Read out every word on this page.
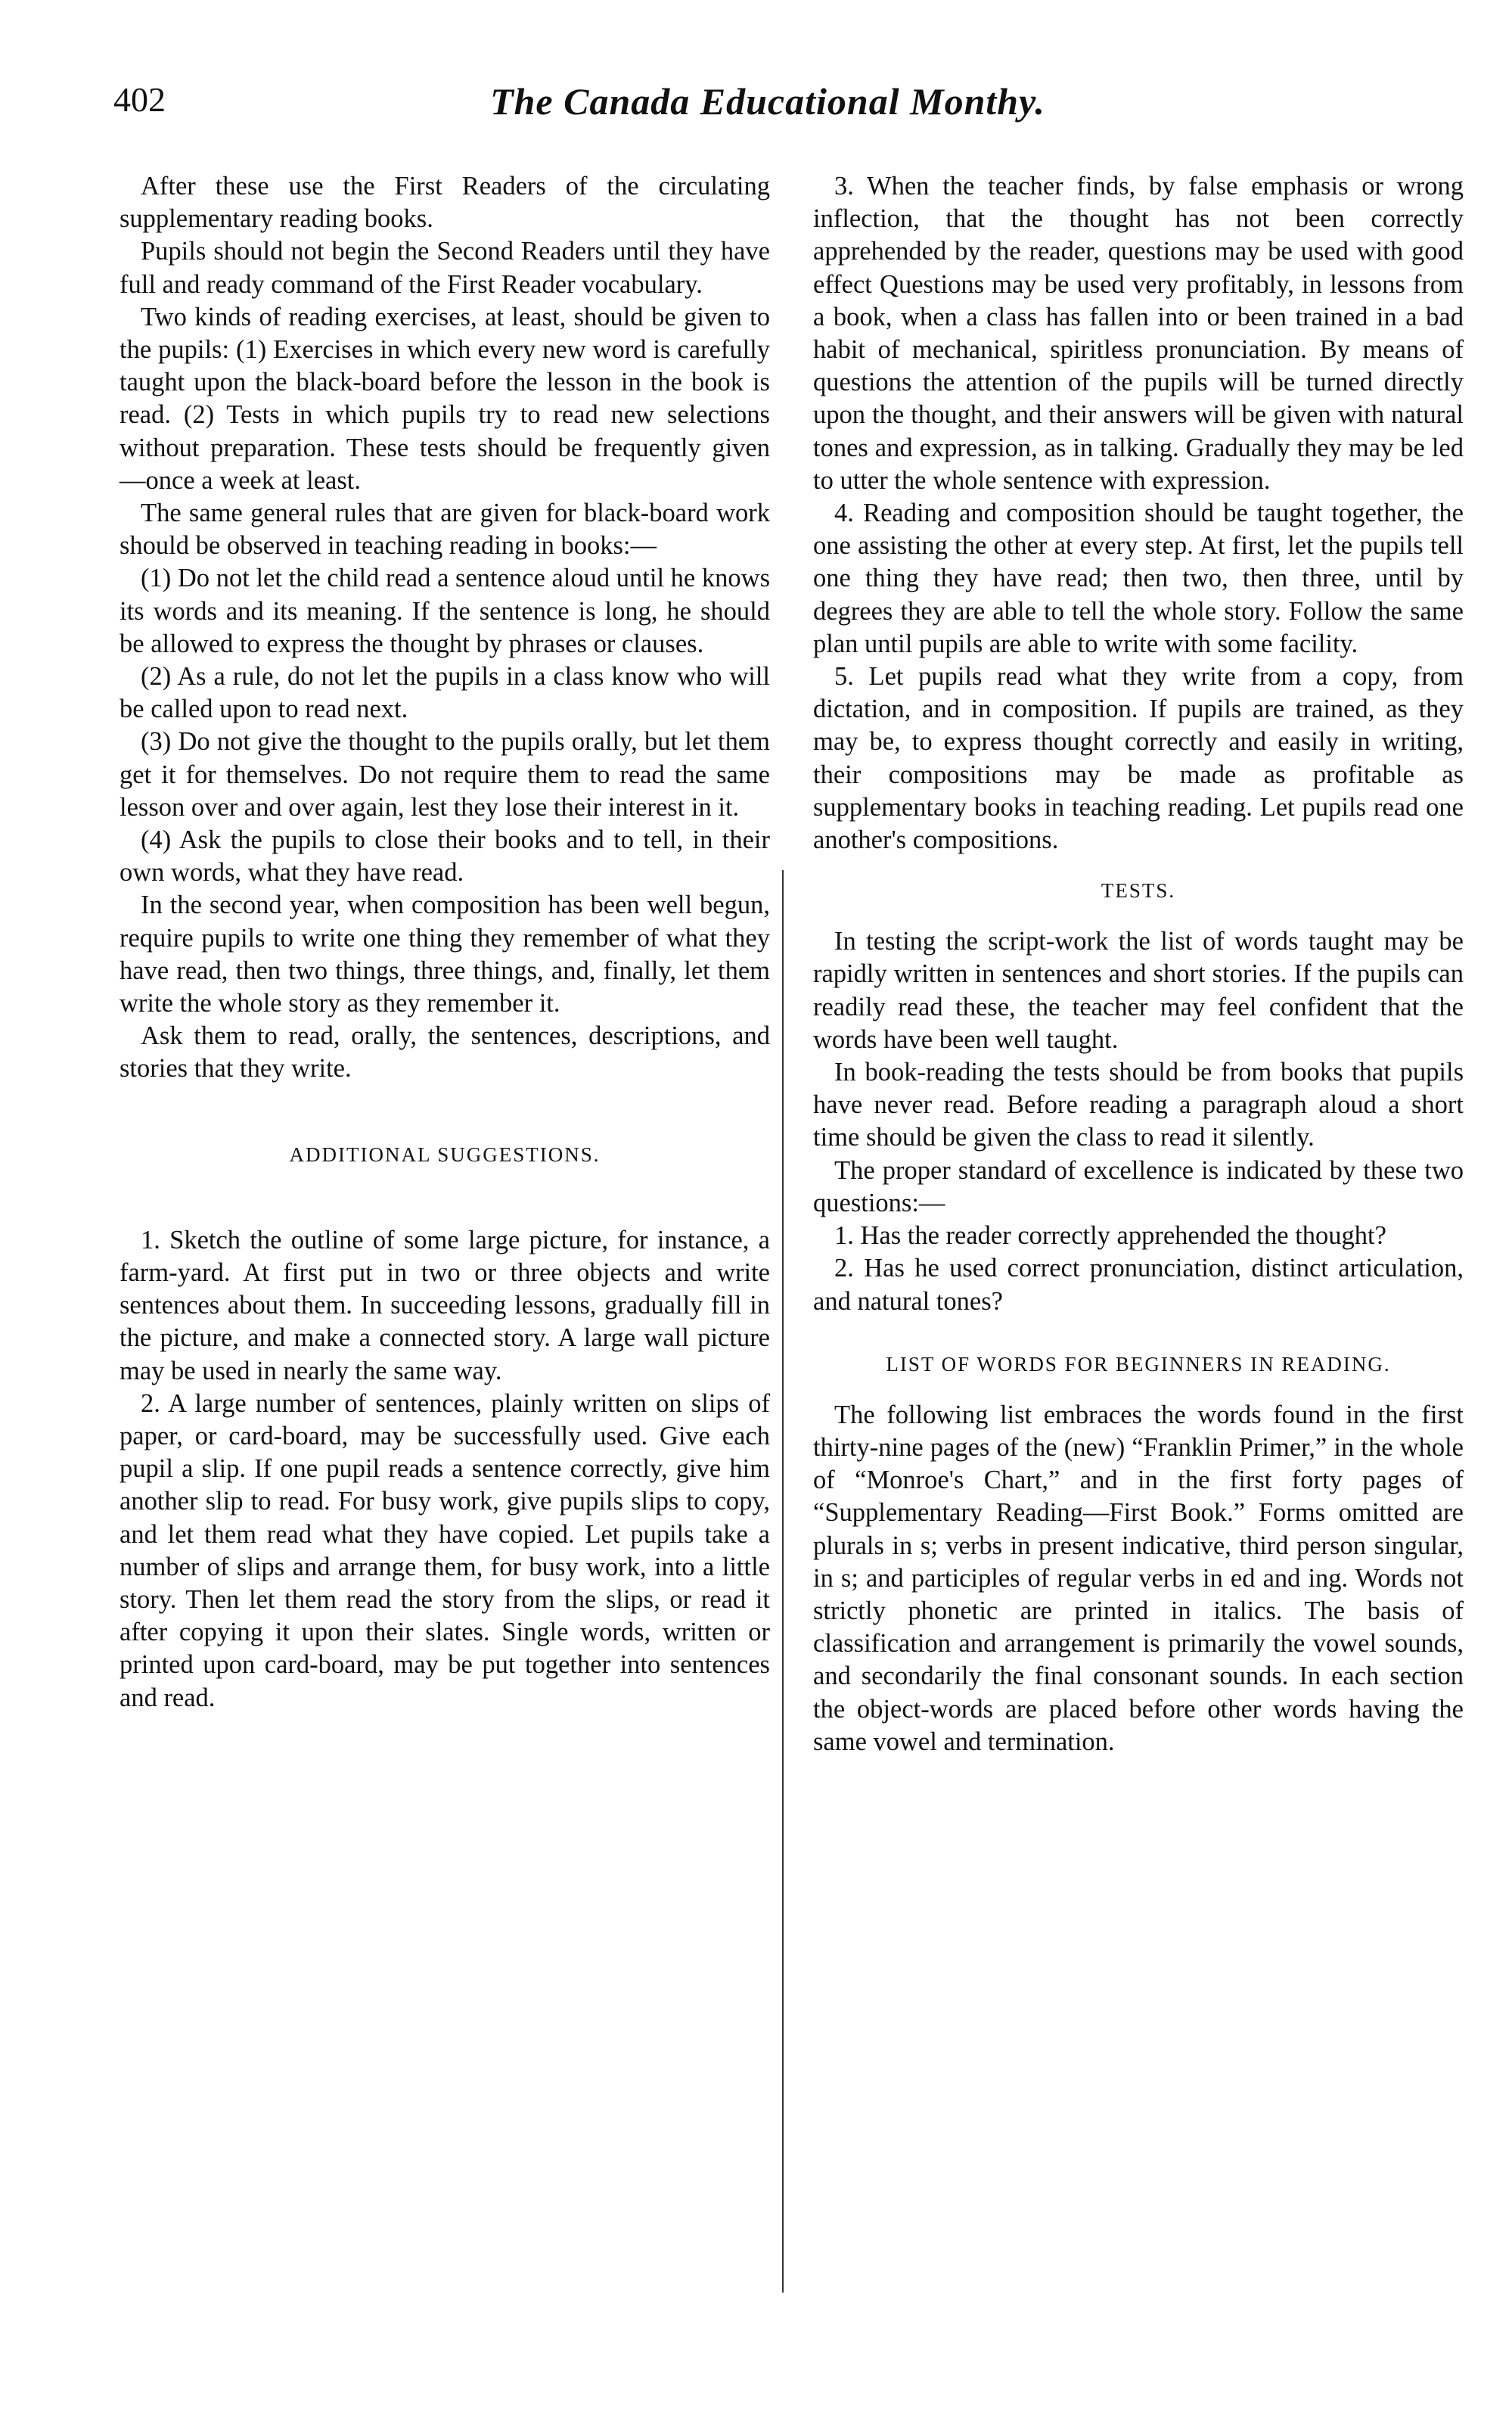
402	The Canada Educational Monthy.

After these use the First Readers of the circulating supplementary reading books.

Pupils should not begin the Second Readers until they have full and ready command of the First Reader vocabulary.

Two kinds of reading exercises, at least, should be given to the pupils: (1) Exercises in which every new word is carefully taught upon the black-board before the lesson in the book is read. (2) Tests in which pupils try to read new selections without preparation. These tests should be frequently given —once a week at least.

The same general rules that are given for black-board work should be observed in teaching reading in books:—

(1) Do not let the child read a sentence aloud until he knows its words and its meaning. If the sentence is long, he should be allowed to express the thought by phrases or clauses.

(2) As a rule, do not let the pupils in a class know who will be called upon to read next.

(3) Do not give the thought to the pupils orally, but let them get it for themselves. Do not require them to read the same lesson over and over again, lest they lose their interest in it.

(4) Ask the pupils to close their books and to tell, in their own words, what they have read.

In the second year, when composition has been well begun, require pupils to write one thing they remember of what they have read, then two things, three things, and, finally, let them write the whole story as they remember it.

Ask them to read, orally, the sentences, descriptions, and stories that they write.

ADDITIONAL SUGGESTIONS.

1. Sketch the outline of some large picture, for instance, a farm-yard. At first put in two or three objects and write sentences about them. In succeeding lessons, gradually fill in the picture, and make a connected story. A large wall picture may be used in nearly the same way.

2. A large number of sentences, plainly written on slips of paper, or card-board, may be successfully used. Give each pupil a slip. If one pupil reads a sentence correctly, give him another slip to read. For busy work, give pupils slips to copy, and let them read what they have copied. Let pupils take a number of slips and arrange them, for busy work, into a little story. Then let them read the story from the slips, or read it after copying it upon their slates. Single words, written or printed upon card-board, may be put together into sentences and read.

3. When the teacher finds, by false emphasis or wrong inflection, that the thought has not been correctly apprehended by the reader, questions may be used with good effect Questions may be used very profitably, in lessons from a book, when a class has fallen into or been trained in a bad habit of mechanical, spiritless pronunciation. By means of questions the attention of the pupils will be turned directly upon the thought, and their answers will be given with natural tones and expression, as in talking. Gradually they may be led to utter the whole sentence with expression.

4. Reading and composition should be taught together, the one assisting the other at every step. At first, let the pupils tell one thing they have read; then two, then three, until by degrees they are able to tell the whole story. Follow the same plan until pupils are able to write with some facility.

5. Let pupils read what they write from a copy, from dictation, and in composition. If pupils are trained, as they may be, to express thought correctly and easily in writing, their compositions may be made as profitable as supplementary books in teaching reading. Let pupils read one another's compositions.

TESTS.

In testing the script-work the list of words taught may be rapidly written in sentences and short stories. If the pupils can readily read these, the teacher may feel confident that the words have been well taught.

In book-reading the tests should be from books that pupils have never read. Before reading a paragraph aloud a short time should be given the class to read it silently.

The proper standard of excellence is indicated by these two questions:—

1. Has the reader correctly apprehended the thought?

2. Has he used correct pronunciation, distinct articulation, and natural tones?

LIST OF WORDS FOR BEGINNERS IN READING.

The following list embraces the words found in the first thirty-nine pages of the (new) “Franklin Primer,” in the whole of “Monroe's Chart,” and in the first forty pages of “Supplementary Reading—First Book.” Forms omitted are plurals in s; verbs in present indicative, third person singular, in s; and participles of regular verbs in ed and ing. Words not strictly phonetic are printed in italics. The basis of classification and arrangement is primarily the vowel sounds, and secondarily the final consonant sounds. In each section the object-words are placed before other words having the same vowel and termination.
